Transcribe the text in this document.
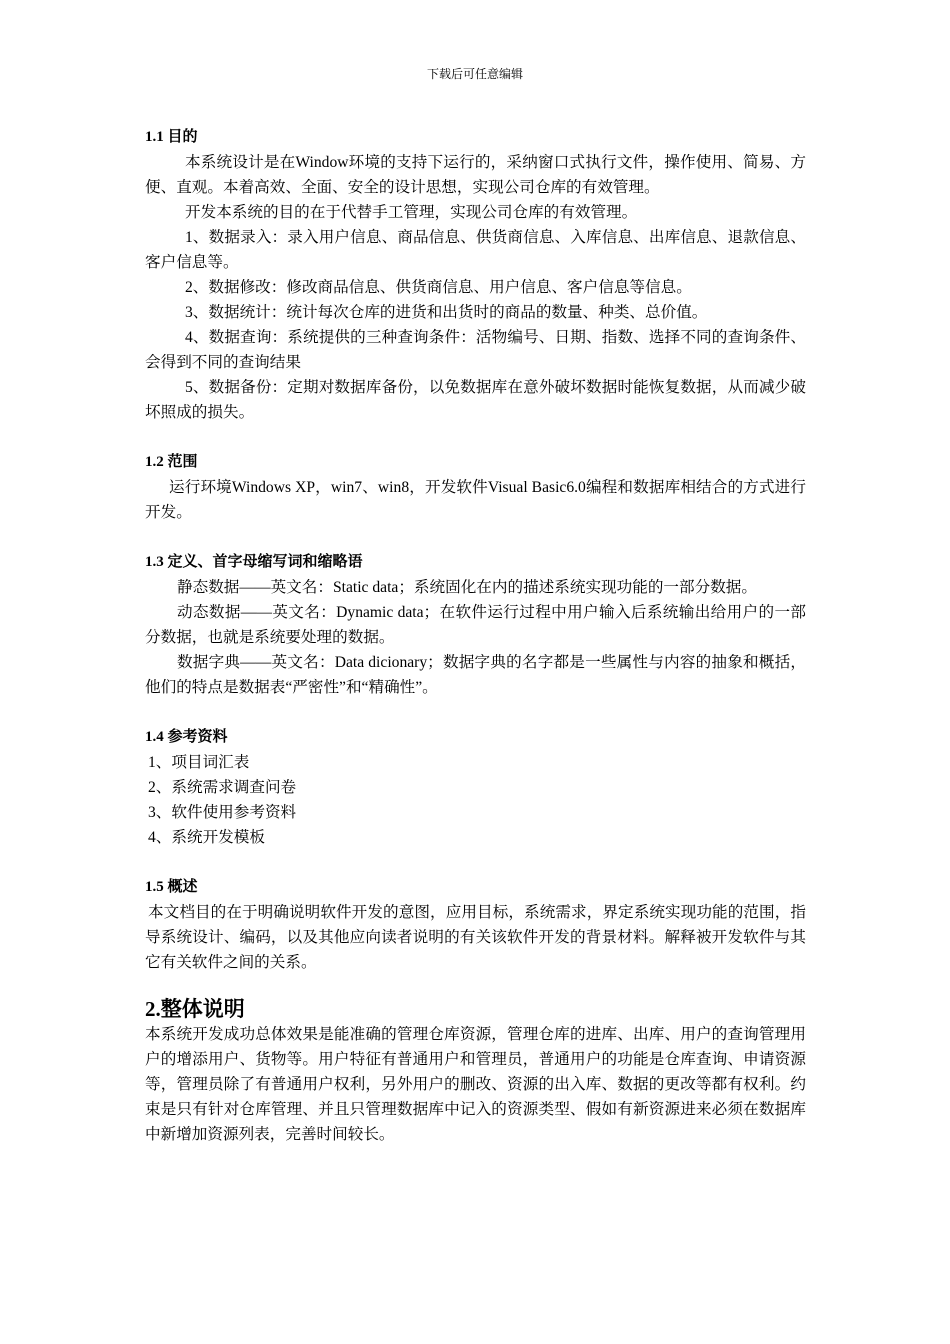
下载后可任意编辑
1.1 目的

本系统设计是在Window环境的支持下运行的，采纳窗口式执行文件，操作使用、简易、方便、直观。本着高效、全面、安全的设计思想，实现公司仓库的有效管理。

开发本系统的目的在于代替手工管理，实现公司仓库的有效管理。

1、数据录入：录入用户信息、商品信息、供货商信息、入库信息、出库信息、退款信息、客户信息等。

2、数据修改：修改商品信息、供货商信息、用户信息、客户信息等信息。

3、数据统计：统计每次仓库的进货和出货时的商品的数量、种类、总价值。

4、数据查询：系统提供的三种查询条件：活物编号、日期、指数、选择不同的查询条件、会得到不同的查询结果

5、数据备份：定期对数据库备份，以免数据库在意外破坏数据时能恢复数据，从而减少破坏照成的损失。

1.2 范围

运行环境Windows XP，win7、win8，开发软件Visual Basic6.0编程和数据库相结合的方式进行开发。

1.3 定义、首字母缩写词和缩略语

静态数据——英文名：Static data；系统固化在内的描述系统实现功能的一部分数据。

动态数据——英文名：Dynamic data；在软件运行过程中用户输入后系统输出给用户的一部分数据，也就是系统要处理的数据。

数据字典——英文名：Data dicionary；数据字典的名字都是一些属性与内容的抽象和概括，他们的特点是数据表“严密性”和“精确性”。

1.4 参考资料
1、项目词汇表
2、系统需求调查问卷
3、软件使用参考资料
4、系统开发模板
1.5 概述

本文档目的在于明确说明软件开发的意图，应用目标，系统需求，界定系统实现功能的范围，指导系统设计、编码，以及其他应向读者说明的有关该软件开发的背景材料。解释被开发软件与其它有关软件之间的关系。

2.整体说明

本系统开发成功总体效果是能准确的管理仓库资源，管理仓库的进库、出库、用户的查询管理用户的增添用户、货物等。用户特征有普通用户和管理员，普通用户的功能是仓库查询、申请资源等，管理员除了有普通用户权利，另外用户的删改、资源的出入库、数据的更改等都有权利。约束是只有针对仓库管理、并且只管理数据库中记入的资源类型、假如有新资源进来必须在数据库中新增加资源列表，完善时间较长。
